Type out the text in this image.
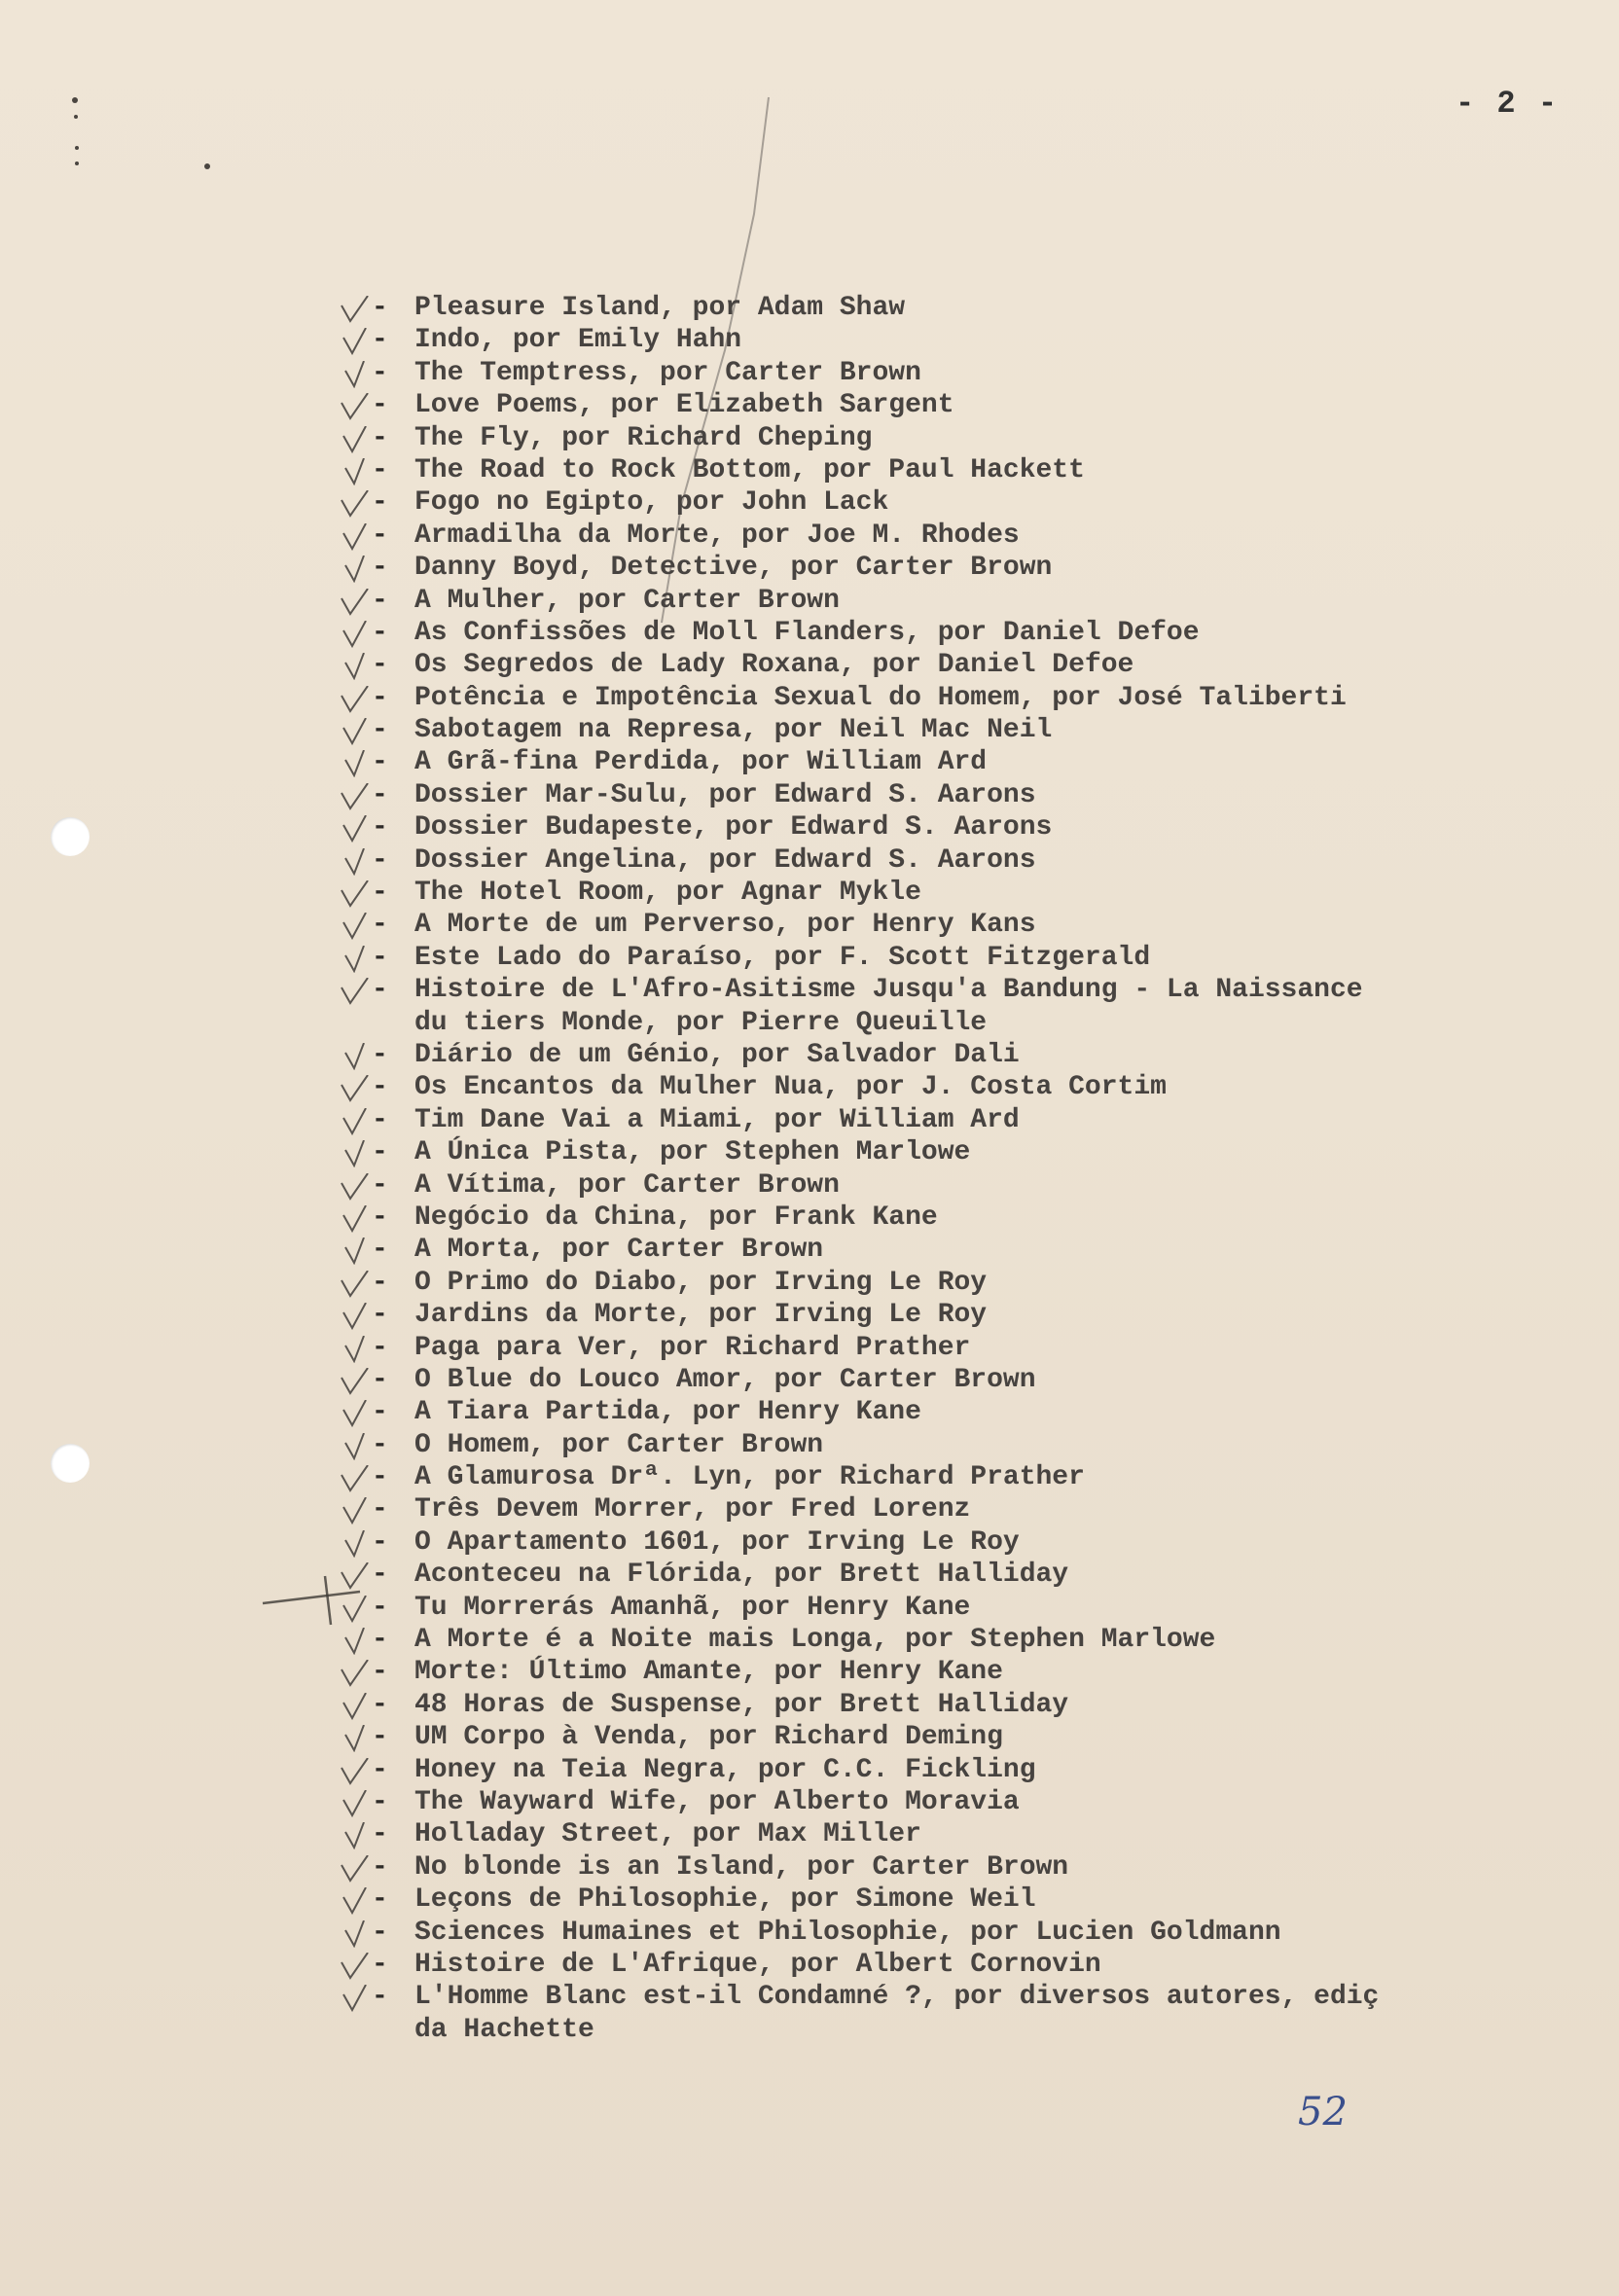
- 2 -
- Pleasure Island, por Adam Shaw
- Indo, por Emily Hahn
- The Temptress, por Carter Brown
- Love Poems, por Elizabeth Sargent
- The Fly, por Richard Cheping
- The Road to Rock Bottom, por Paul Hackett
- Fogo no Egipto, por John Lack
- Armadilha da Morte, por Joe M. Rhodes
- Danny Boyd, Detective, por Carter Brown
- A Mulher, por Carter Brown
- As Confissões de Moll Flanders, por Daniel Defoe
- Os Segredos de Lady Roxana, por Daniel Defoe
- Potência e Impotência Sexual do Homem, por José Taliberti
- Sabotagem na Represa, por Neil Mac Neil
- A Grã-fina Perdida, por William Ard
- Dossier Mar-Sulu, por Edward S. Aarons
- Dossier Budapeste, por Edward S. Aarons
- Dossier Angelina, por Edward S. Aarons
- The Hotel Room, por Agnar Mykle
- A Morte de um Perverso, por Henry Kans
- Este Lado do Paraíso, por F. Scott Fitzgerald
- Histoire de L'Afro-Asitisme Jusqu'a Bandung - La Naissance
du tiers Monde, por Pierre Queuille
- Diário de um Génio, por Salvador Dali
- Os Encantos da Mulher Nua, por J. Costa Cortim
- Tim Dane Vai a Miami, por William Ard
- A Única Pista, por Stephen Marlowe
- A Vítima, por Carter Brown
- Negócio da China, por Frank Kane
- A Morta, por Carter Brown
- O Primo do Diabo, por Irving Le Roy
- Jardins da Morte, por Irving Le Roy
- Paga para Ver, por Richard Prather
- O Blue do Louco Amor, por Carter Brown
- A Tiara Partida, por Henry Kane
- O Homem, por Carter Brown
- A Glamurosa Drª. Lyn, por Richard Prather
- Três Devem Morrer, por Fred Lorenz
- O Apartamento 1601, por Irving Le Roy
- Aconteceu na Flórida, por Brett Halliday
- Tu Morrerás Amanhã, por Henry Kane
- A Morte é a Noite mais Longa, por Stephen Marlowe
- Morte: Último Amante, por Henry Kane
- 48 Horas de Suspense, por Brett Halliday
- UM Corpo à Venda, por Richard Deming
- Honey na Teia Negra, por C.C. Fickling
- The Wayward Wife, por Alberto Moravia
- Holladay Street, por Max Miller
- No blonde is an Island, por Carter Brown
- Leçons de Philosophie, por Simone Weil
- Sciences Humaines et Philosophie, por Lucien Goldmann
- Histoire de L'Afrique, por Albert Cornovin
- L'Homme Blanc est-il Condamné ?, por diversos autores, ediç
da Hachette
52
